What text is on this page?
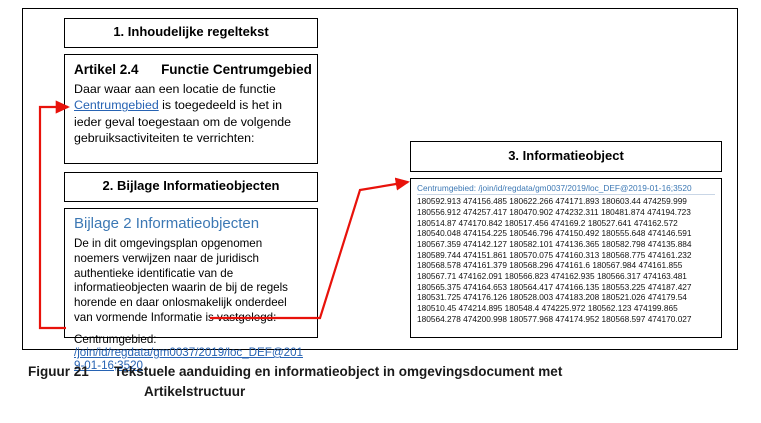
1. Inhoudelijke regeltekst
Artikel 2.4 Functie Centrumgebied
Daar waar aan een locatie de functie Centrumgebied is toegedeeld is het in ieder geval toegestaan om de volgende gebruiksactiviteiten te verrichten:
2. Bijlage Informatieobjecten
Bijlage 2 Informatieobjecten
De in dit omgevingsplan opgenomen noemers verwijzen naar de juridisch authentieke identificatie van de informatieobjecten waarin de bij de regels horende en daar onlosmakelijk onderdeel van vormende Informatie is vastgelegd:
Centrumgebied:
/join/id/regdata/gm0037/2019/loc_DEF@2019-01-16;3520
3. Informatieobject
Centrumgebied: /join/id/regdata/gm0037/2019/loc_DEF@2019-01-16;3520
180592.913 474156.485 180622.266 474171.893 180603.44 474259.999
180556.912 474257.417 180470.902 474232.311 180481.874 474194.723
180514.87 474170.842 180517.456 474169.2 180527.641 474162.572
180540.048 474154.225 180546.796 474150.492 180555.648 474146.591
180567.359 474142.127 180582.101 474136.365 180582.798 474135.884
180589.744 474151.861 180570.075 474160.313 180568.775 474161.232
180568.578 474161.379 180568.296 474161.6 180567.984 474161.855
180567.71 474162.091 180566.823 474162.935 180566.317 474163.481
180565.375 474164.653 180564.417 474166.135 180553.225 474187.427
180531.725 474176.126 180528.003 474183.208 180521.026 474179.54
180510.45 474214.895 180548.4 474225.972 180562.123 474199.865
180564.278 474200.998 180577.968 474174.952 180568.597 474170.027
Figuur 21 Tekstuele aanduiding en informatieobject in omgevingsdocument met
Artikelstructuur
